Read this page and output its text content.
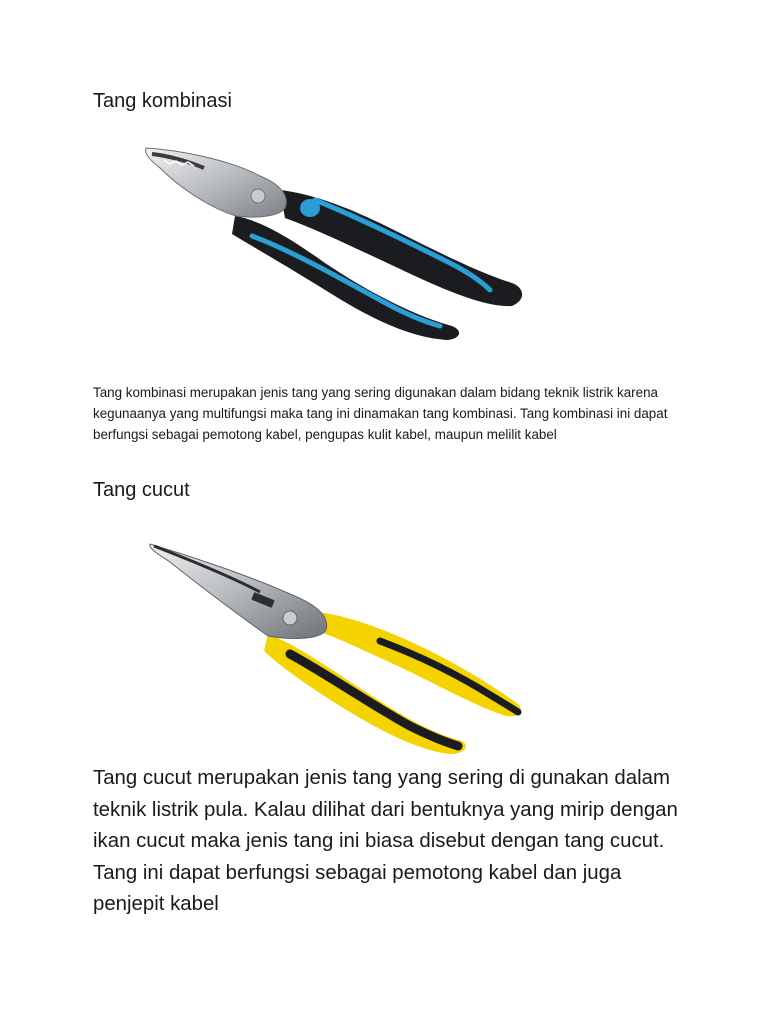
Tang kombinasi

Tang kombinasi merupakan jenis tang yang sering digunakan dalam bidang teknik listrik karena kegunaanya yang multifungsi maka tang ini dinamakan tang kombinasi. Tang kombinasi ini dapat berfungsi sebagai pemotong kabel, pengupas kulit kabel, maupun melilit kabel

Tang cucut

Tang cucut merupakan jenis tang yang sering di gunakan dalam teknik listrik pula. Kalau dilihat dari bentuknya yang mirip dengan ikan cucut maka jenis tang ini biasa disebut dengan tang cucut. Tang ini dapat berfungsi sebagai pemotong kabel dan juga penjepit kabel
